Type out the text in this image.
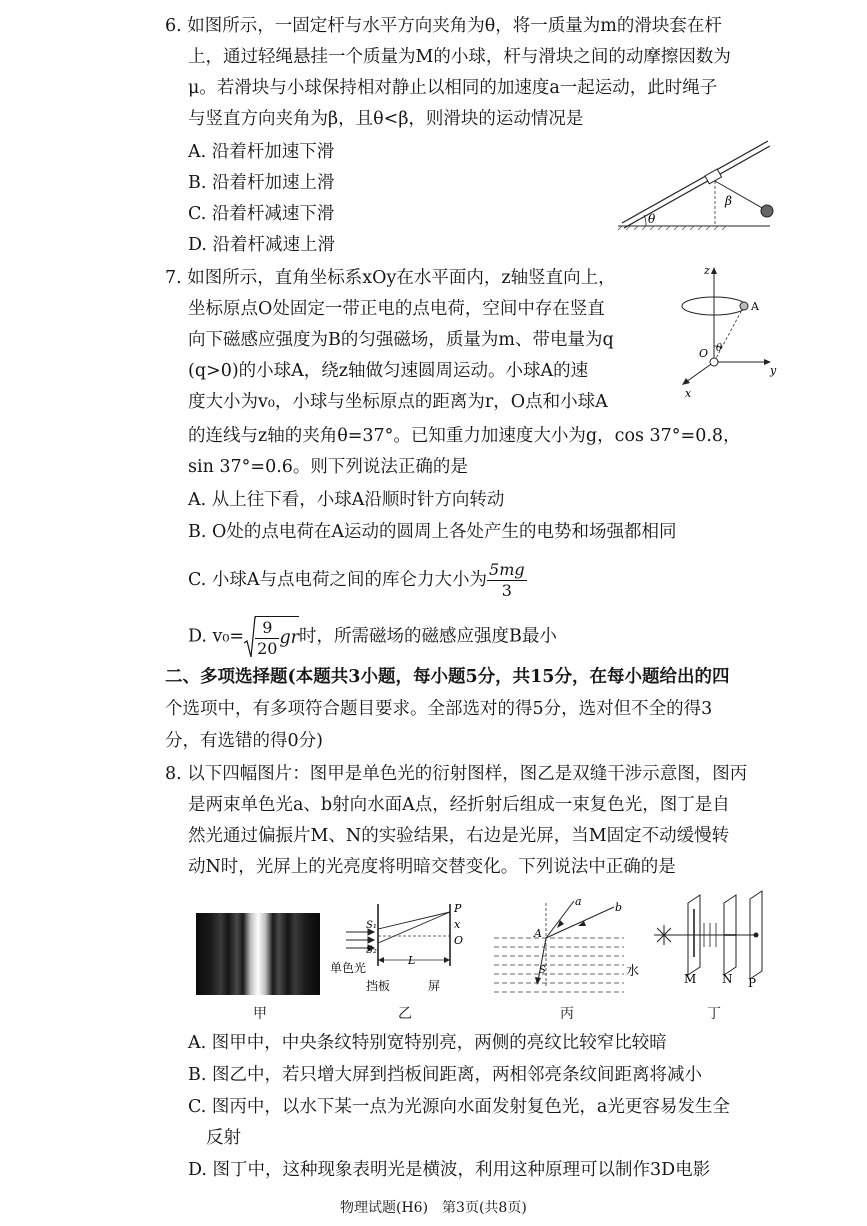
6. 如图所示，一固定杆与水平方向夹角为θ，将一质量为m的滑块套在杆
上，通过轻绳悬挂一个质量为M的小球，杆与滑块之间的动摩擦因数为
μ。若滑块与小球保持相对静止以相同的加速度a一起运动，此时绳子
与竖直方向夹角为β，且θ<β，则滑块的运动情况是
A. 沿着杆加速下滑
B. 沿着杆加速上滑
C. 沿着杆减速下滑
D. 沿着杆减速上滑
θ
β
7. 如图所示，直角坐标系xOy在水平面内，z轴竖直向上，
坐标原点O处固定一带正电的点电荷，空间中存在竖直
向下磁感应强度为B的匀强磁场，质量为m、带电量为q
(q>0)的小球A，绕z轴做匀速圆周运动。小球A的速
度大小为v₀，小球与坐标原点的距离为r，O点和小球A
的连线与z轴的夹角θ=37°。已知重力加速度大小为g，cos 37°=0.8，
sin 37°=0.6。则下列说法正确的是
A. 从上往下看，小球A沿顺时针方向转动
B. O处的点电荷在A运动的圆周上各处产生的电势和场强都相同
C. 小球A与点电荷之间的库仑力大小为 $\frac{5mg}{3}$
D. $v_0= \frac{9}{20}$ gr时，所需磁场的磁感应强度B最小
z
A
O θ
x
y
二、多项选择题(本题共3小题，每小题5分，共15分，在每小题给出的四
个选项中，有多项符合题目要求。全部选对的得5分，选对但不全的得3
分，有选错的得0分)
8. 以下四幅图片：图甲是单色光的衍射图样，图乙是双缝干涉示意图，图丙
是两束单色光a、b射向水面A点，经折射后组成一束复色光，图丁是自
然光通过偏振片M、N的实验结果，右边是光屏，当M固定不动缓慢转
动N时，光屏上的光亮度将明暗交替变化。下列说法中正确的是
甲
S₁
S₂
P
x
O
L
单色光
挡板	屏
乙
a	b
A
S	水
丙
M N P
丁
A. 图甲中，中央条纹特别宽特别亮，两侧的亮纹比较窄比较暗
B. 图乙中，若只增大屏到挡板间距离，两相邻亮条纹间距离将减小
C. 图丙中，以水下某一点为光源向水面发射复色光，a光更容易发生全
反射
D. 图丁中，这种现象表明光是横波，利用这种原理可以制作3D电影
物理试题(H6)　第3页(共8页)
